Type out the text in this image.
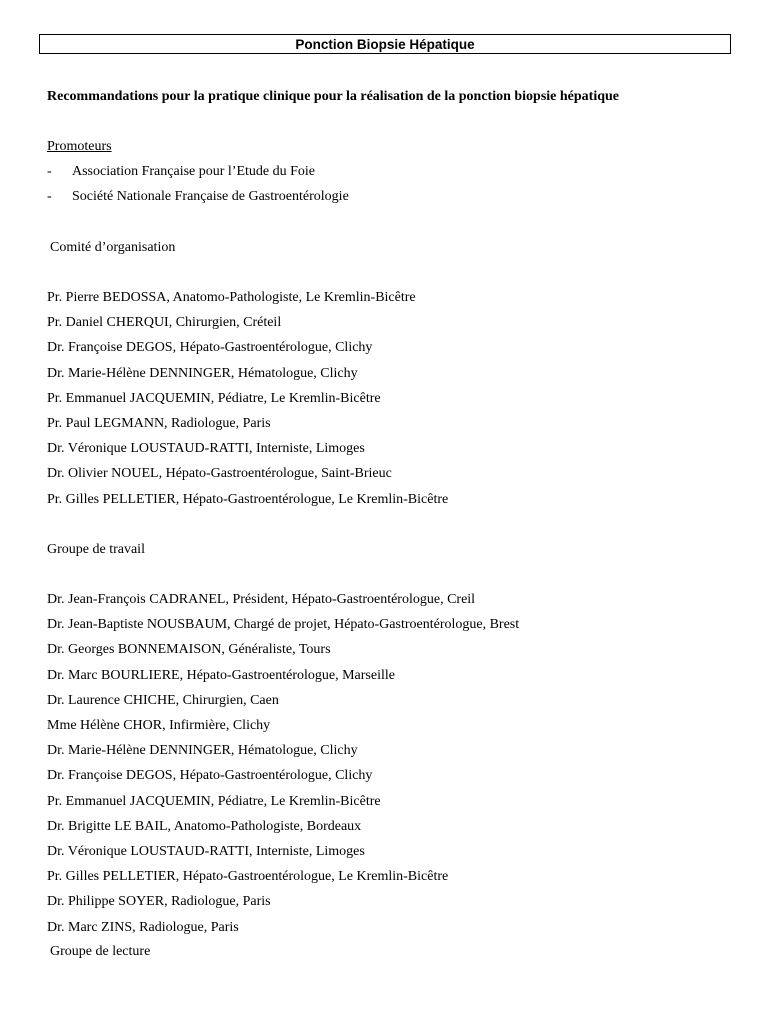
Ponction Biopsie Hépatique
Recommandations pour la pratique clinique pour la réalisation de la ponction biopsie hépatique
Promoteurs
- Association Française pour l’Etude du Foie
- Société Nationale Française de Gastroentérologie
Comité d’organisation
Pr. Pierre BEDOSSA, Anatomo-Pathologiste, Le Kremlin-Bicêtre
Pr. Daniel CHERQUI, Chirurgien, Créteil
Dr. Françoise DEGOS, Hépato-Gastroentérologue, Clichy
Dr. Marie-Hélène DENNINGER, Hématologue, Clichy
Pr. Emmanuel JACQUEMIN, Pédiatre, Le Kremlin-Bicêtre
Pr. Paul LEGMANN, Radiologue, Paris
Dr. Véronique LOUSTAUD-RATTI, Interniste, Limoges
Dr. Olivier NOUEL, Hépato-Gastroentérologue, Saint-Brieuc
Pr. Gilles PELLETIER, Hépato-Gastroentérologue, Le Kremlin-Bicêtre
Groupe de travail
Dr. Jean-François CADRANEL, Président, Hépato-Gastroentérologue, Creil
Dr. Jean-Baptiste NOUSBAUM, Chargé de projet, Hépato-Gastroentérologue, Brest
Dr. Georges BONNEMAISON, Généraliste, Tours
Dr. Marc BOURLIERE, Hépato-Gastroentérologue, Marseille
Dr. Laurence CHICHE, Chirurgien, Caen
Mme Hélène CHOR, Infirmière, Clichy
Dr. Marie-Hélène DENNINGER, Hématologue, Clichy
Dr. Françoise DEGOS, Hépato-Gastroentérologue, Clichy
Pr. Emmanuel JACQUEMIN, Pédiatre, Le Kremlin-Bicêtre
Dr. Brigitte LE BAIL, Anatomo-Pathologiste, Bordeaux
Dr. Véronique LOUSTAUD-RATTI, Interniste, Limoges
Pr. Gilles PELLETIER, Hépato-Gastroentérologue, Le Kremlin-Bicêtre
Dr. Philippe SOYER, Radiologue, Paris
Dr. Marc ZINS, Radiologue, Paris
Groupe de lecture
